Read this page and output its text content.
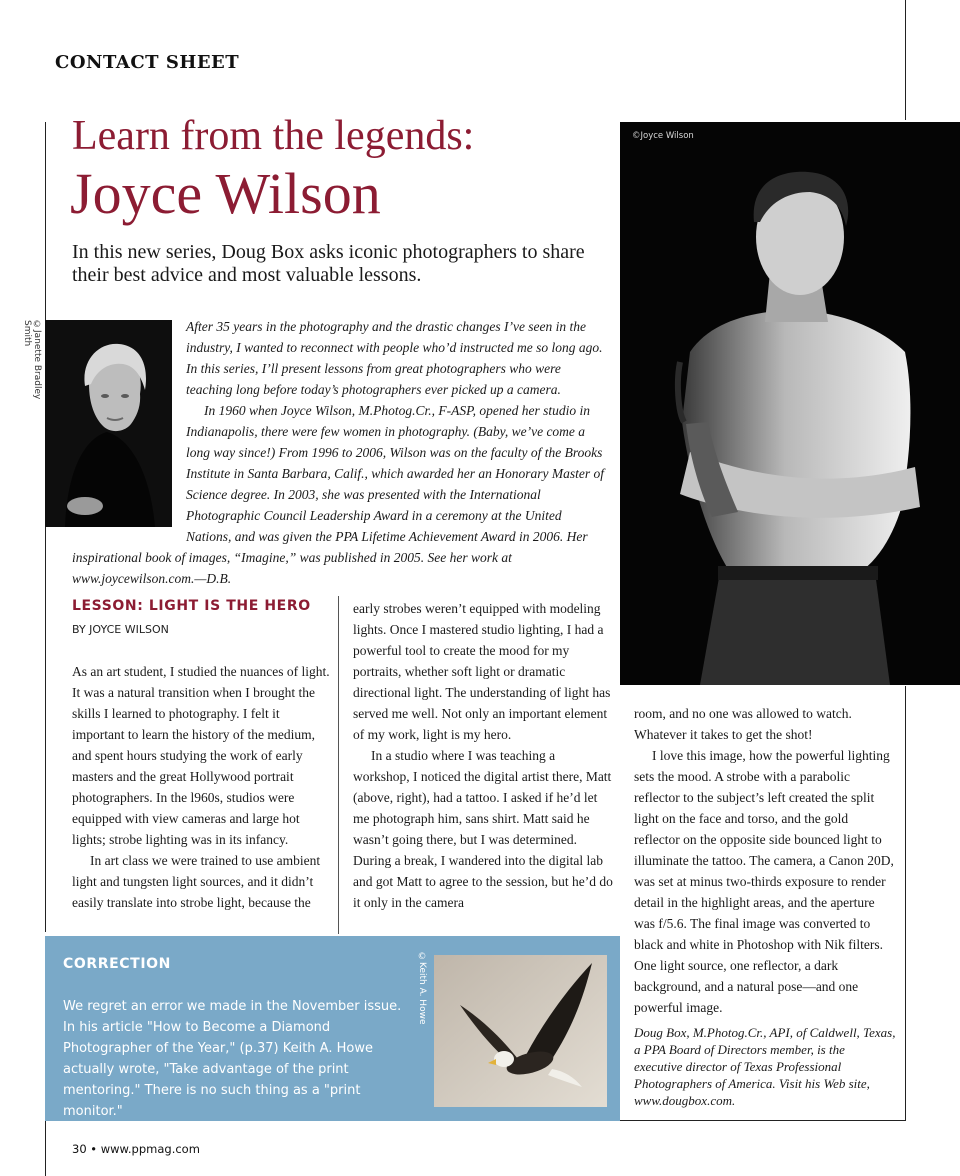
CONTACT SHEET
Learn from the legends:
Joyce Wilson
In this new series, Doug Box asks iconic photographers to share their best advice and most valuable lessons.
©Janette Bradley Smith	After 35 years in the photography and the drastic changes I’ve seen in the industry, I wanted to reconnect with people who’d instructed me so long ago. In this series, I’ll present lessons from great photographers who were teaching long before today’s photographers ever picked up a camera.

In 1960 when Joyce Wilson, M.Photog.Cr., F-ASP, opened her studio in Indianapolis, there were few women in photography. (Baby, we’ve come a long way since!) From 1996 to 2006, Wilson was on the faculty of the Brooks Institute in Santa Barbara, Calif., which awarded her an Honorary Master of Science degree. In 2003, she was presented with the International Photographic Council Leadership Award in a ceremony at the United Nations, and was given the PPA Lifetime Achievement Award in 2006. Her inspirational book of images, “Imagine,” was published in 2005. See her work at www.joycewilson.com.—D.B.

©Joyce Wilson
LESSON: LIGHT IS THE HERO
BY JOYCE WILSON

As an art student, I studied the nuances of light. It was a natural transition when I brought the skills I learned to photography. I felt it important to learn the history of the medium, and spent hours studying the work of early masters and the great Hollywood portrait photographers. In the l960s, studios were equipped with view cameras and large hot lights; strobe lighting was in its infancy.

In art class we were trained to use ambient light and tungsten light sources, and it didn’t easily translate into strobe light, because the

early strobes weren’t equipped with modeling lights. Once I mastered studio lighting, I had a powerful tool to create the mood for my portraits, whether soft light or dramatic directional light. The understanding of light has served me well. Not only an important element of my work, light is my hero.

In a studio where I was teaching a workshop, I noticed the digital artist there, Matt (above, right), had a tattoo. I asked if he’d let me photograph him, sans shirt. Matt said he wasn’t going there, but I was determined. During a break, I wandered into the digital lab and got Matt to agree to the session, but he’d do it only in the camera

room, and no one was allowed to watch. Whatever it takes to get the shot!

I love this image, how the powerful lighting sets the mood. A strobe with a parabolic reflector to the subject’s left created the split light on the face and torso, and the gold reflector on the opposite side bounced light to illuminate the tattoo. The camera, a Canon 20D, was set at minus two-thirds exposure to render detail in the highlight areas, and the aperture was f/5.6. The final image was converted to black and white in Photoshop with Nik filters. One light source, one reflector, a dark background, and a natural pose—and one powerful image.

Doug Box, M.Photog.Cr., API, of Caldwell, Texas, a PPA Board of Directors member, is the executive director of Texas Professional Photographers of America. Visit his Web site, www.dougbox.com.
CORRECTION
We regret an error we made in the November issue. In his article "How to Become a Diamond Photographer of the Year," (p.37) Keith A. Howe actually wrote, "Take advantage of the print mentoring." There is no such thing as a "print monitor."
©Keith A. Howe
30 • www.ppmag.com
